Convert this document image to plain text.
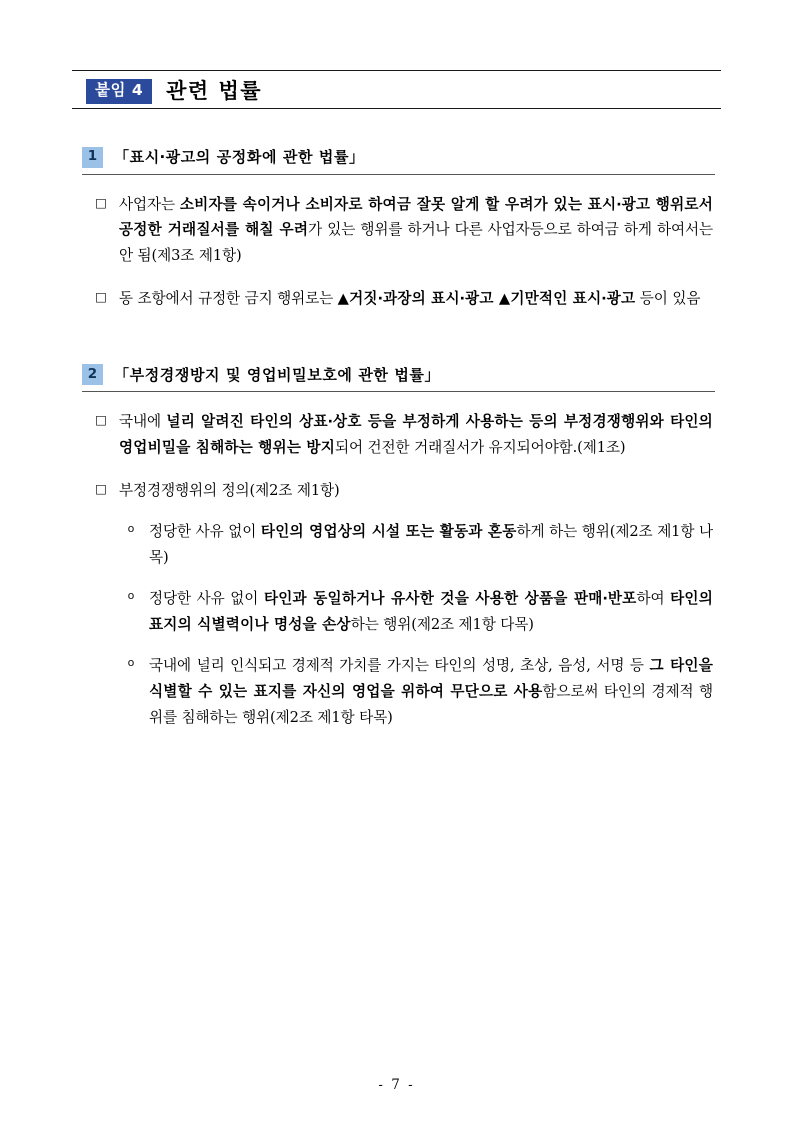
붙임 4	관련 법률
1	「표시‧광고의 공정화에 관한 법률」
□ 사업자는 소비자를 속이거나 소비자로 하여금 잘못 알게 할 우려가 있는 표시‧광고 행위로서 공정한 거래질서를 해칠 우려가 있는 행위를 하거나 다른 사업자등으로 하여금 하게 하여서는 안 됨(제3조 제1항)
□ 동 조항에서 규정한 금지 행위로는 ▲거짓‧과장의 표시‧광고 ▲기만적인 표시‧광고 등이 있음
2	「부정경쟁방지 및 영업비밀보호에 관한 법률」
□ 국내에 널리 알려진 타인의 상표‧상호 등을 부정하게 사용하는 등의 부정경쟁행위와 타인의 영업비밀을 침해하는 행위는 방지되어 건전한 거래질서가 유지되어야함.(제1조)
□ 부정경쟁행위의 정의(제2조 제1항)
o 정당한 사유 없이 타인의 영업상의 시설 또는 활동과 혼동하게 하는 행위(제2조 제1항 나목)
o 정당한 사유 없이 타인과 동일하거나 유사한 것을 사용한 상품을 판매‧반포하여 타인의 표지의 식별력이나 명성을 손상하는 행위(제2조 제1항 다목)
o 국내에 널리 인식되고 경제적 가치를 가지는 타인의 성명, 초상, 음성, 서명 등 그 타인을 식별할 수 있는 표지를 자신의 영업을 위하여 무단으로 사용함으로써 타인의 경제적 행위를 침해하는 행위(제2조 제1항 타목)
- 7 -
